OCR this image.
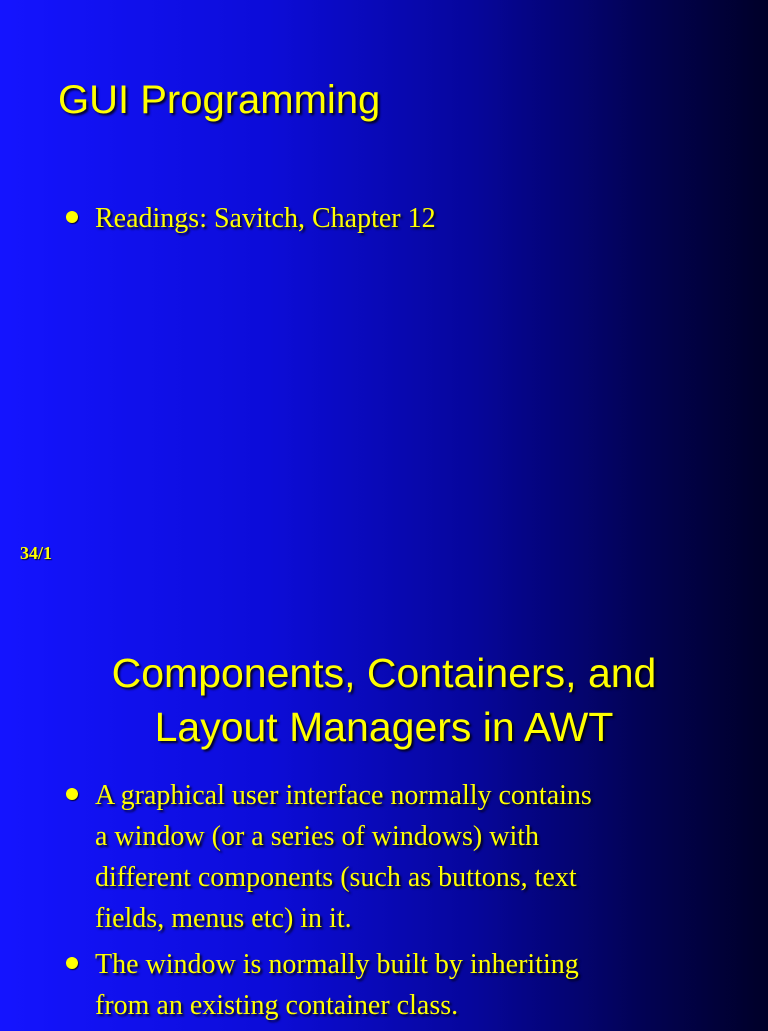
GUI Programming
Readings: Savitch, Chapter 12
34/1
Components, Containers, and
Layout Managers in AWT
A graphical user interface normally contains
a window (or a series of windows) with
different components (such as buttons, text
fields, menus etc) in it.
The window is normally built by inheriting
from an existing container class.
